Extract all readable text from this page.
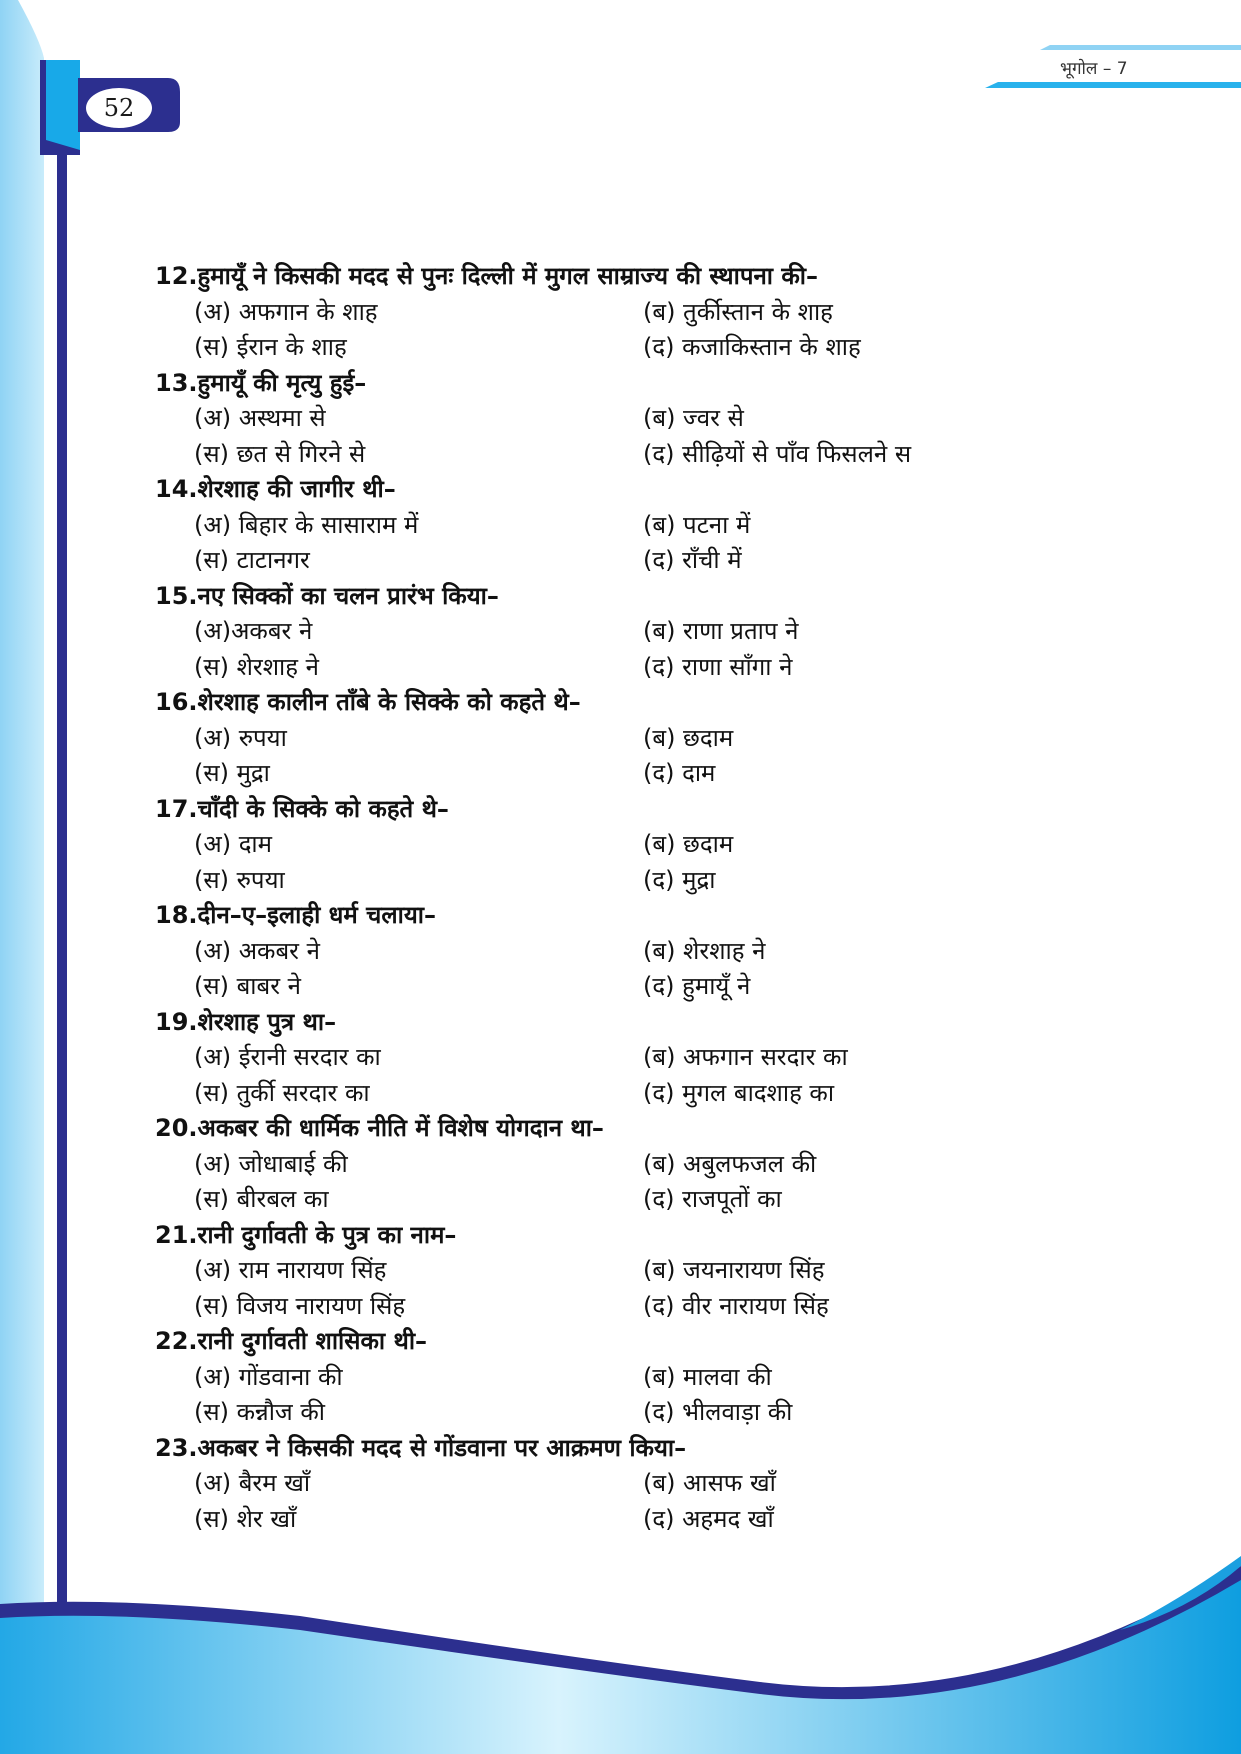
52
भूगोल – 7
12.हुमायूँ ने किसकी मदद से पुनः दिल्ली में मुगल साम्राज्य की स्थापना की–
(अ) अफगान के शाह	(ब) तुर्कीस्तान के शाह
(स) ईरान के शाह	(द) कजाकिस्तान के शाह
13.हुमायूँ की मृत्यु हुई–
(अ) अस्थमा से	(ब) ज्वर से
(स) छत से गिरने से	(द) सीढ़ियों से पाँव फिसलने स
14.शेरशाह की जागीर थी–
(अ) बिहार के सासाराम में	(ब) पटना में
(स) टाटानगर	(द) राँची में
15.नए सिक्कों का चलन प्रारंभ किया–
(अ)अकबर ने	(ब) राणा प्रताप ने
(स) शेरशाह ने	(द) राणा साँगा ने
16.शेरशाह कालीन ताँबे के सिक्के को कहते थे–
(अ) रुपया	(ब) छदाम
(स) मुद्रा	(द) दाम
17.चाँदी के सिक्के को कहते थे–
(अ) दाम	(ब) छदाम
(स) रुपया	(द) मुद्रा
18.दीन–ए–इलाही धर्म चलाया–
(अ) अकबर ने	(ब) शेरशाह ने
(स) बाबर ने	(द) हुमायूँ ने
19.शेरशाह पुत्र था–
(अ) ईरानी सरदार का	(ब) अफगान सरदार का
(स) तुर्की सरदार का	(द) मुगल बादशाह का
20.अकबर की धार्मिक नीति में विशेष योगदान था–
(अ) जोधाबाई की	(ब) अबुलफजल की
(स) बीरबल का	(द) राजपूतों का
21.रानी दुर्गावती के पुत्र का नाम–
(अ) राम नारायण सिंह	(ब) जयनारायण सिंह
(स) विजय नारायण सिंह	(द) वीर नारायण सिंह
22.रानी दुर्गावती शासिका थी–
(अ) गोंडवाना की	(ब) मालवा की
(स) कन्नौज की	(द) भीलवाड़ा की
23.अकबर ने किसकी मदद से गोंडवाना पर आक्रमण किया–
(अ) बैरम खाँ	(ब) आसफ खाँ
(स) शेर खाँ	(द) अहमद खाँ
